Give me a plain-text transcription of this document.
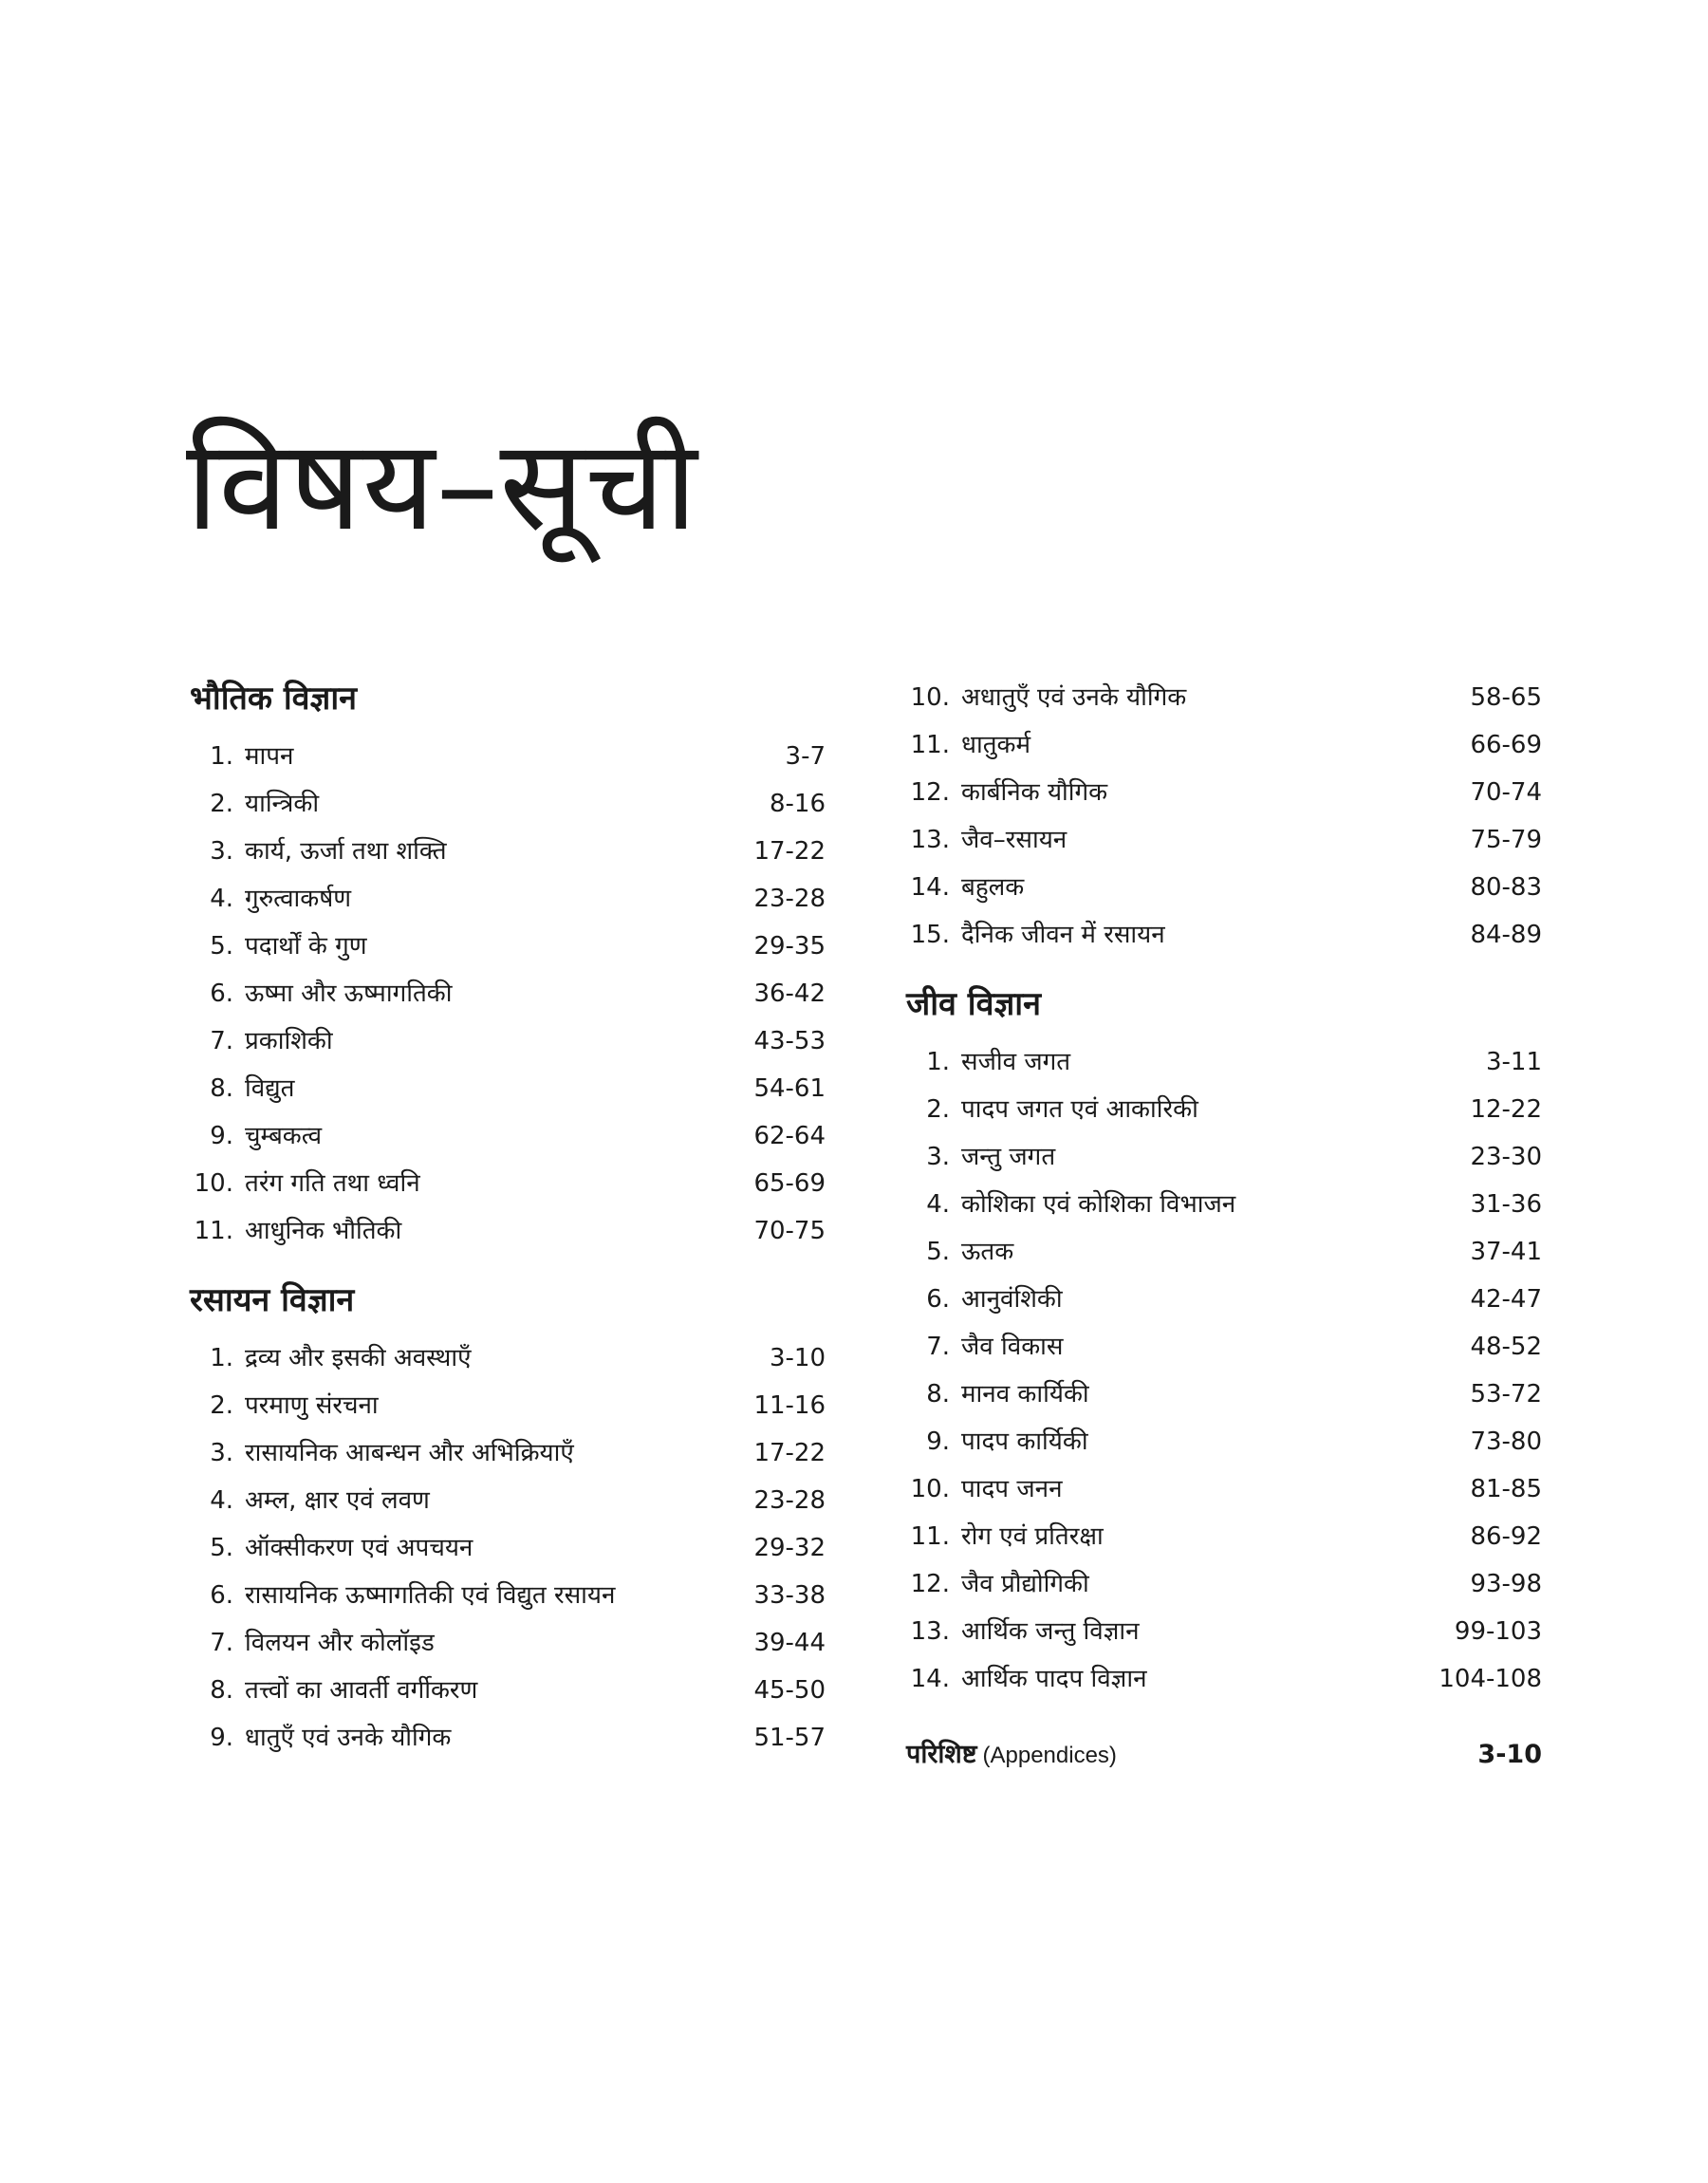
विषय–सूची
भौतिक विज्ञान
1. मापन	3-7
2. यान्त्रिकी	8-16
3. कार्य, ऊर्जा तथा शक्ति	17-22
4. गुरुत्वाकर्षण	23-28
5. पदार्थों के गुण	29-35
6. ऊष्मा और ऊष्मागतिकी	36-42
7. प्रकाशिकी	43-53
8. विद्युत	54-61
9. चुम्बकत्व	62-64
10. तरंग गति तथा ध्वनि	65-69
11. आधुनिक भौतिकी	70-75
रसायन विज्ञान
1. द्रव्य और इसकी अवस्थाएँ	3-10
2. परमाणु संरचना	11-16
3. रासायनिक आबन्धन और अभिक्रियाएँ	17-22
4. अम्ल, क्षार एवं लवण	23-28
5. ऑक्सीकरण एवं अपचयन	29-32
6. रासायनिक ऊष्मागतिकी एवं विद्युत रसायन	33-38
7. विलयन और कोलॉइड	39-44
8. तत्त्वों का आवर्ती वर्गीकरण	45-50
9. धातुएँ एवं उनके यौगिक	51-57
10. अधातुएँ एवं उनके यौगिक	58-65
11. धातुकर्म	66-69
12. कार्बनिक यौगिक	70-74
13. जैव–रसायन	75-79
14. बहुलक	80-83
15. दैनिक जीवन में रसायन	84-89
जीव विज्ञान
1. सजीव जगत	3-11
2. पादप जगत एवं आकारिकी	12-22
3. जन्तु जगत	23-30
4. कोशिका एवं कोशिका विभाजन	31-36
5. ऊतक	37-41
6. आनुवंशिकी	42-47
7. जैव विकास	48-52
8. मानव कार्यिकी	53-72
9. पादप कार्यिकी	73-80
10. पादप जनन	81-85
11. रोग एवं प्रतिरक्षा	86-92
12. जैव प्रौद्योगिकी	93-98
13. आर्थिक जन्तु विज्ञान	99-103
14. आर्थिक पादप विज्ञान	104-108
परिशिष्ट (Appendices)	3-10
